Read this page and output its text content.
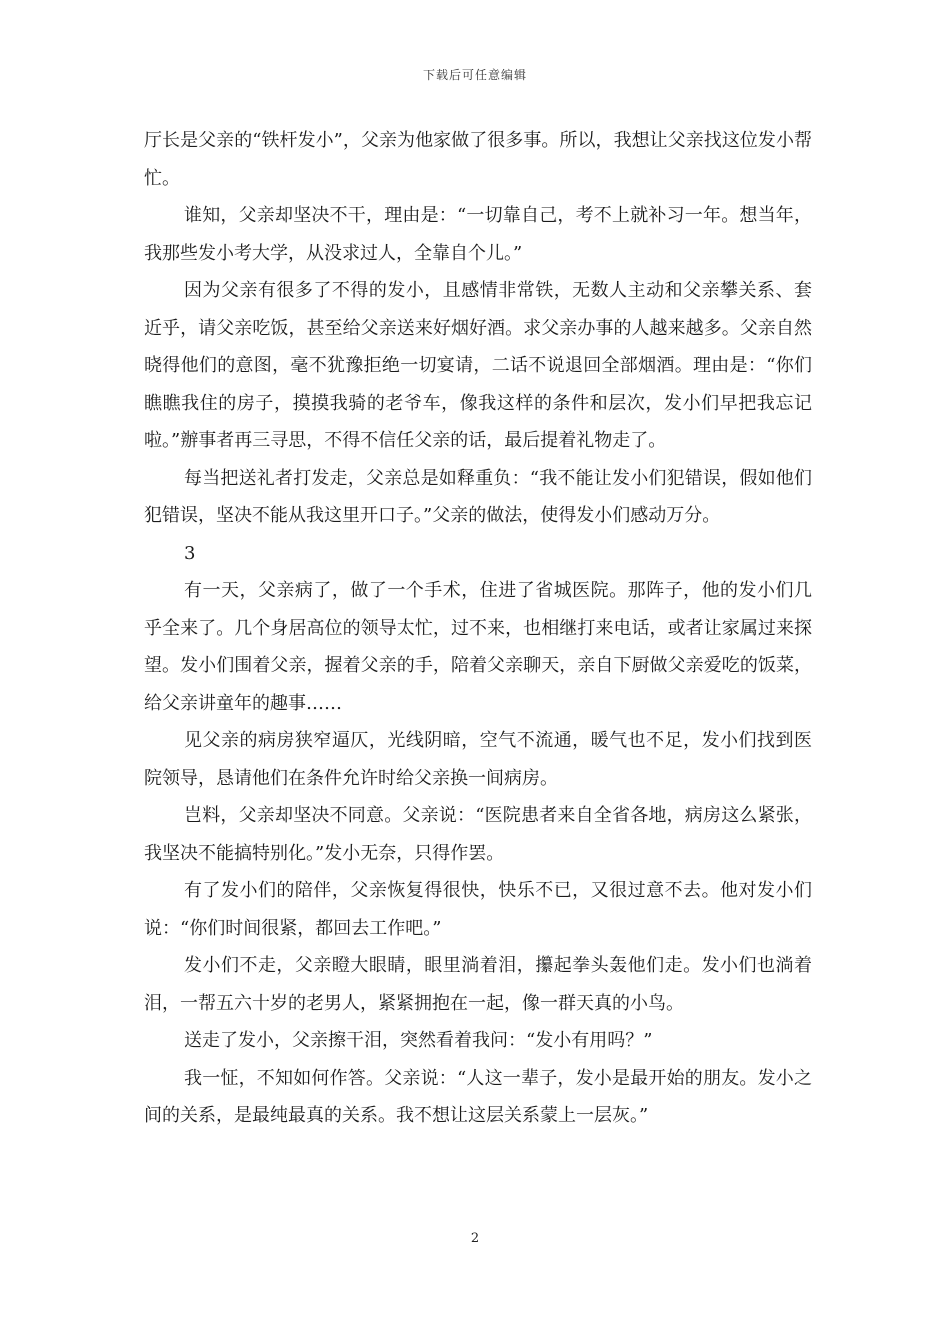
下载后可任意编辑

厅长是父亲的“铁杆发小”，父亲为他家做了很多事。所以，我想让父亲找这位发小帮忙。

谁知，父亲却坚决不干，理由是：“一切靠自己，考不上就补习一年。想当年，我那些发小考大学，从没求过人，全靠自个儿。”

因为父亲有很多了不得的发小，且感情非常铁，无数人主动和父亲攀关系、套近乎，请父亲吃饭，甚至给父亲送来好烟好酒。求父亲办事的人越来越多。父亲自然晓得他们的意图，毫不犹豫拒绝一切宴请，二话不说退回全部烟酒。理由是：“你们瞧瞧我住的房子，摸摸我骑的老爷车，像我这样的条件和层次，发小们早把我忘记啦。”辦事者再三寻思，不得不信任父亲的话，最后提着礼物走了。

每当把送礼者打发走，父亲总是如释重负：“我不能让发小们犯错误，假如他们犯错误，坚决不能从我这里开口子。”父亲的做法，使得发小们感动万分。

3

有一天，父亲病了，做了一个手术，住进了省城医院。那阵子，他的发小们几乎全来了。几个身居高位的领导太忙，过不来，也相继打来电话，或者让家属过来探望。发小们围着父亲，握着父亲的手，陪着父亲聊天，亲自下厨做父亲爱吃的饭菜，给父亲讲童年的趣事……

见父亲的病房狭窄逼仄，光线阴暗，空气不流通，暖气也不足，发小们找到医院领导，恳请他们在条件允许时给父亲换一间病房。

岂料，父亲却坚决不同意。父亲说：“医院患者来自全省各地，病房这么紧张，我坚决不能搞特别化。”发小无奈，只得作罢。

有了发小们的陪伴，父亲恢复得很快，快乐不已，又很过意不去。他对发小们说：“你们时间很紧，都回去工作吧。”

发小们不走，父亲瞪大眼睛，眼里淌着泪，攥起拳头轰他们走。发小们也淌着泪，一帮五六十岁的老男人，紧紧拥抱在一起，像一群天真的小鸟。

送走了发小，父亲擦干泪，突然看着我问：“发小有用吗？”

我一怔，不知如何作答。父亲说：“人这一辈子，发小是最开始的朋友。发小之间的关系，是最纯最真的关系。我不想让这层关系蒙上一层灰。”

2
